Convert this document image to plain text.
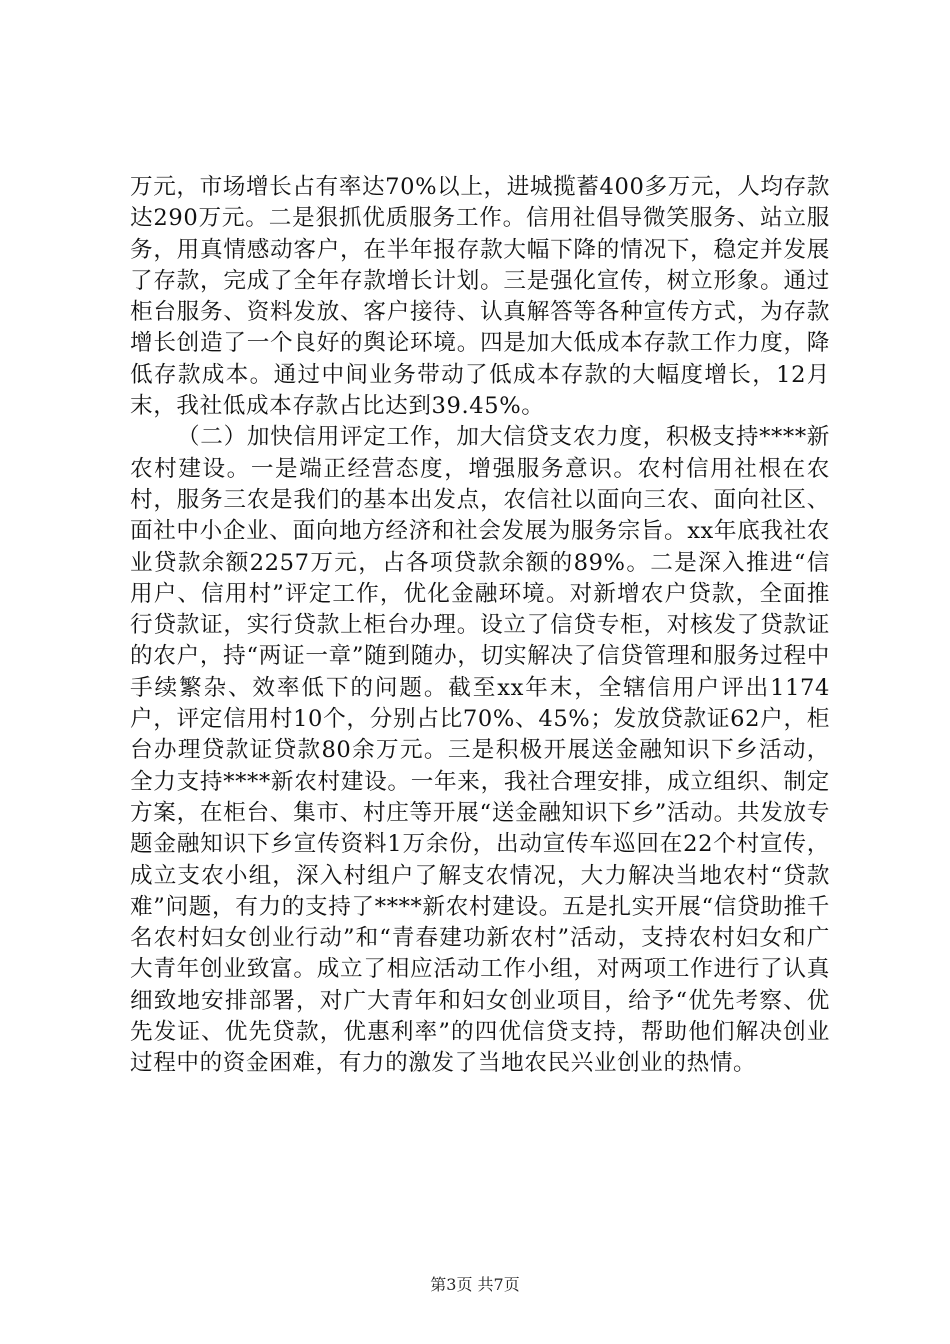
万元，市场增长占有率达70%以上，进城揽蓄400多万元，人均存款达290万元。二是狠抓优质服务工作。信用社倡导微笑服务、站立服务，用真情感动客户，在半年报存款大幅下降的情况下，稳定并发展了存款，完成了全年存款增长计划。三是强化宣传，树立形象。通过柜台服务、资料发放、客户接待、认真解答等各种宣传方式，为存款增长创造了一个良好的舆论环境。四是加大低成本存款工作力度，降低存款成本。通过中间业务带动了低成本存款的大幅度增长，12月末，我社低成本存款占比达到39.45%。

（二）加快信用评定工作，加大信贷支农力度，积极支持****新农村建设。一是端正经营态度，增强服务意识。农村信用社根在农村，服务三农是我们的基本出发点，农信社以面向三农、面向社区、面社中小企业、面向地方经济和社会发展为服务宗旨。xx年底我社农业贷款余额2257万元，占各项贷款余额的89%。二是深入推进“信用户、信用村”评定工作，优化金融环境。对新增农户贷款，全面推行贷款证，实行贷款上柜台办理。设立了信贷专柜，对核发了贷款证的农户，持“两证一章”随到随办，切实解决了信贷管理和服务过程中手续繁杂、效率低下的问题。截至xx年末，全辖信用户评出1174户，评定信用村10个，分别占比70%、45%；发放贷款证62户，柜台办理贷款证贷款80余万元。三是积极开展送金融知识下乡活动，全力支持****新农村建设。一年来，我社合理安排，成立组织、制定方案，在柜台、集市、村庄等开展“送金融知识下乡”活动。共发放专题金融知识下乡宣传资料1万余份，出动宣传车巡回在22个村宣传，成立支农小组，深入村组户了解支农情况，大力解决当地农村“贷款难”问题，有力的支持了****新农村建设。五是扎实开展“信贷助推千名农村妇女创业行动”和“青春建功新农村”活动，支持农村妇女和广大青年创业致富。成立了相应活动工作小组，对两项工作进行了认真细致地安排部署，对广大青年和妇女创业项目，给予“优先考察、优先发证、优先贷款，优惠利率”的四优信贷支持，帮助他们解决创业过程中的资金困难，有力的激发了当地农民兴业创业的热情。

第3页 共7页
